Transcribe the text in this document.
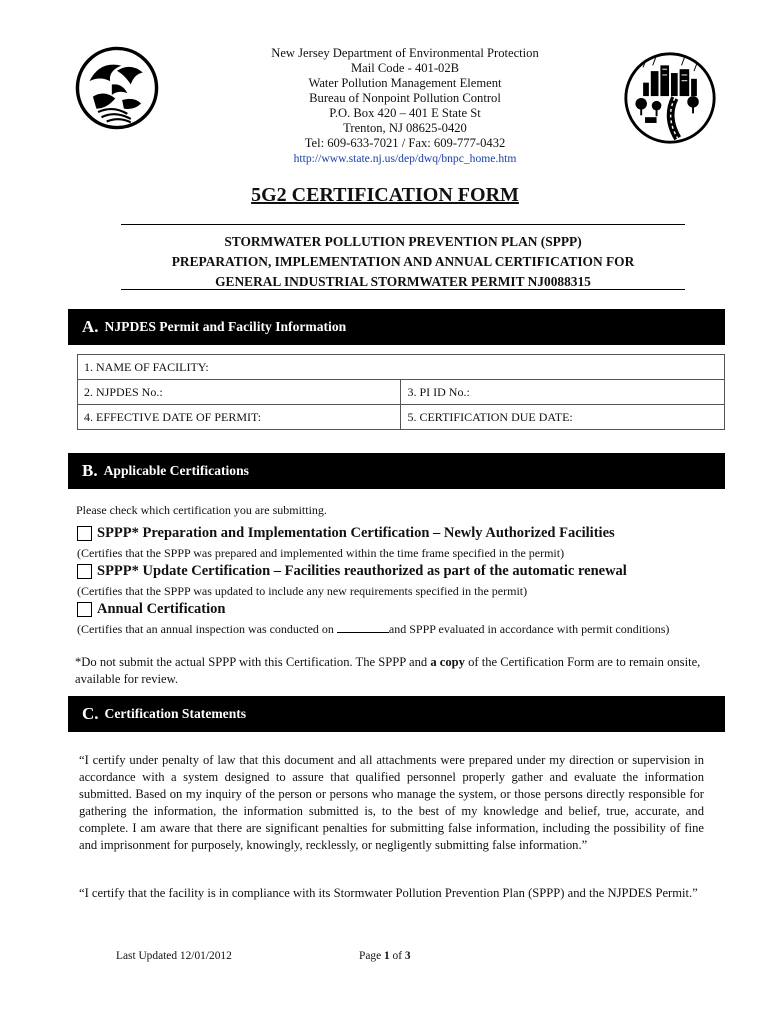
New Jersey Department of Environmental Protection
Mail Code - 401-02B
Water Pollution Management Element
Bureau of Nonpoint Pollution Control
P.O. Box 420 – 401 E State St
Trenton, NJ 08625-0420
Tel: 609-633-7021 / Fax: 609-777-0432
http://www.state.nj.us/dep/dwq/bnpc_home.htm
5G2 CERTIFICATION FORM
STORMWATER POLLUTION PREVENTION PLAN (SPPP)
PREPARATION, IMPLEMENTATION AND ANNUAL CERTIFICATION FOR
GENERAL INDUSTRIAL STORMWATER PERMIT NJ0088315
A. NJPDES Permit and Facility Information
1. NAME OF FACILITY:	
2. NJPDES No.:	3. PI ID No.:
4. EFFECTIVE DATE OF PERMIT:	5. CERTIFICATION DUE DATE:
B. Applicable Certifications
Please check which certification you are submitting.
SPPP* Preparation and Implementation Certification – Newly Authorized Facilities
(Certifies that the SPPP was prepared and implemented within the time frame specified in the permit)
SPPP* Update Certification – Facilities reauthorized as part of the automatic renewal
(Certifies that the SPPP was updated to include any new requirements specified in the permit)
Annual Certification
(Certifies that an annual inspection was conducted on	and SPPP evaluated in accordance with permit conditions)
*Do not submit the actual SPPP with this Certification. The SPPP and a copy of the Certification Form are to remain onsite, available for review.
C. Certification Statements
“I certify under penalty of law that this document and all attachments were prepared under my direction or supervision in accordance with a system designed to assure that qualified personnel properly gather and evaluate the information submitted. Based on my inquiry of the person or persons who manage the system, or those persons directly responsible for gathering the information, the information submitted is, to the best of my knowledge and belief, true, accurate, and complete. I am aware that there are significant penalties for submitting false information, including the possibility of fine and imprisonment for purposely, knowingly, recklessly, or negligently submitting false information.”
“I certify that the facility is in compliance with its Stormwater Pollution Prevention Plan (SPPP) and the NJPDES Permit.”
Last Updated 12/01/2012	Page 1 of 3
